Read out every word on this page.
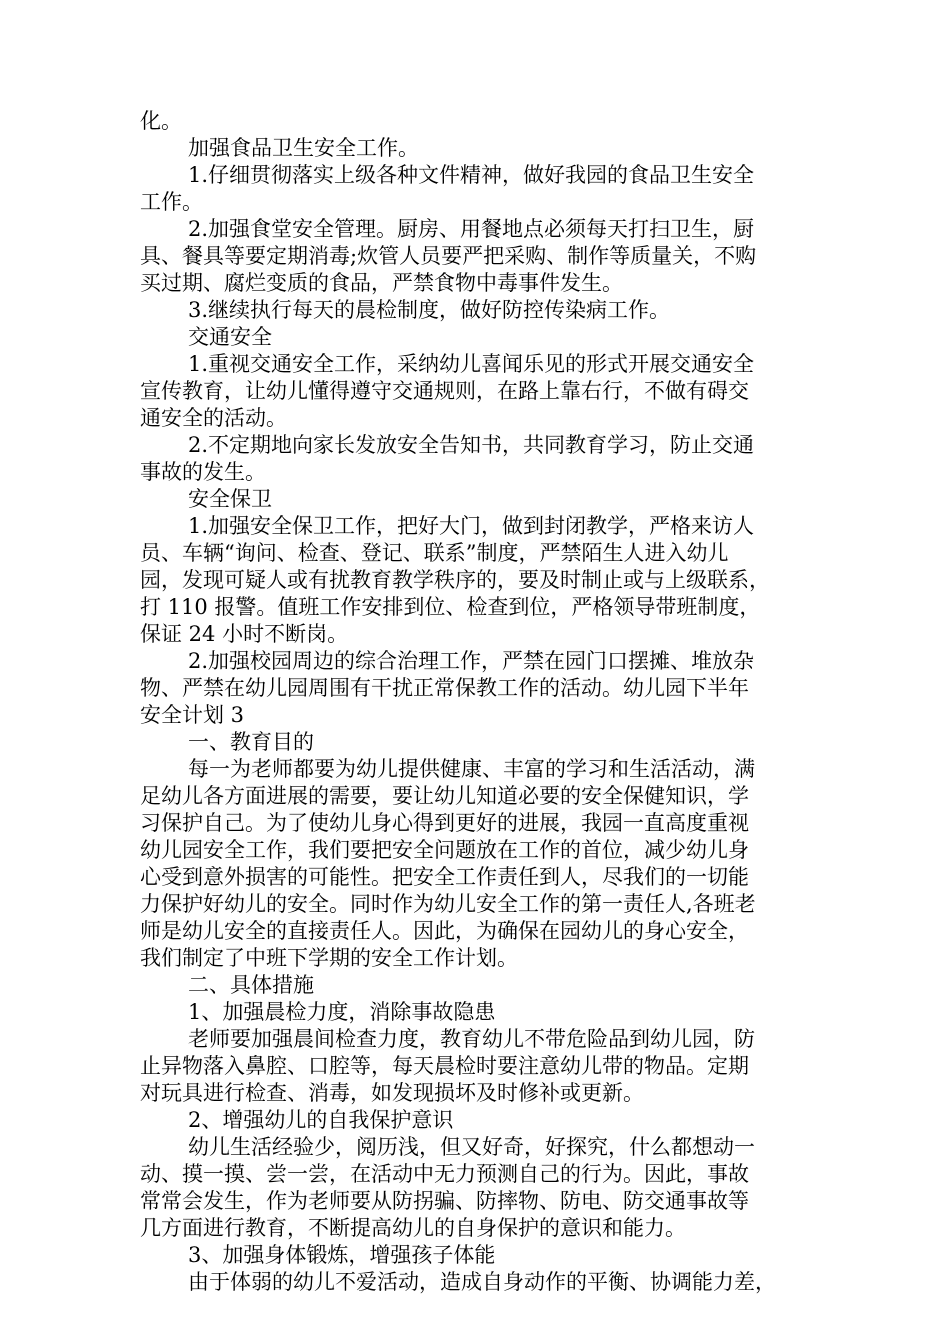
化。
加强食品卫生安全工作。
1.仔细贯彻落实上级各种文件精神，做好我园的食品卫生安全
工作。
2.加强食堂安全管理。厨房、用餐地点必须每天打扫卫生，厨
具、餐具等要定期消毒;炊管人员要严把采购、制作等质量关，不购
买过期、腐烂变质的食品，严禁食物中毒事件发生。
3.继续执行每天的晨检制度，做好防控传染病工作。
交通安全
1.重视交通安全工作，采纳幼儿喜闻乐见的形式开展交通安全
宣传教育，让幼儿懂得遵守交通规则，在路上靠右行，不做有碍交
通安全的活动。
2.不定期地向家长发放安全告知书，共同教育学习，防止交通
事故的发生。
安全保卫
1.加强安全保卫工作，把好大门，做到封闭教学，严格来访人
员、车辆“询问、检查、登记、联系”制度，严禁陌生人进入幼儿
园，发现可疑人或有扰教育教学秩序的，要及时制止或与上级联系，
打 110 报警。值班工作安排到位、检查到位，严格领导带班制度，
保证 24 小时不断岗。
2.加强校园周边的综合治理工作，严禁在园门口摆摊、堆放杂
物、严禁在幼儿园周围有干扰正常保教工作的活动。幼儿园下半年
安全计划 3
一、教育目的
每一为老师都要为幼儿提供健康、丰富的学习和生活活动，满
足幼儿各方面进展的需要，要让幼儿知道必要的安全保健知识，学
习保护自己。为了使幼儿身心得到更好的进展，我园一直高度重视
幼儿园安全工作，我们要把安全问题放在工作的首位，减少幼儿身
心受到意外损害的可能性。把安全工作责任到人，尽我们的一切能
力保护好幼儿的安全。同时作为幼儿安全工作的第一责任人,各班老
师是幼儿安全的直接责任人。因此，为确保在园幼儿的身心安全，
我们制定了中班下学期的安全工作计划。
二、具体措施
1、加强晨检力度，消除事故隐患
老师要加强晨间检查力度，教育幼儿不带危险品到幼儿园，防
止异物落入鼻腔、口腔等，每天晨检时要注意幼儿带的物品。定期
对玩具进行检查、消毒，如发现损坏及时修补或更新。
2、增强幼儿的自我保护意识
幼儿生活经验少，阅历浅，但又好奇，好探究，什么都想动一
动、摸一摸、尝一尝，在活动中无力预测自己的行为。因此，事故
常常会发生，作为老师要从防拐骗、防摔物、防电、防交通事故等
几方面进行教育，不断提高幼儿的自身保护的意识和能力。
3、加强身体锻炼，增强孩子体能
由于体弱的幼儿不爱活动，造成自身动作的平衡、协调能力差，
